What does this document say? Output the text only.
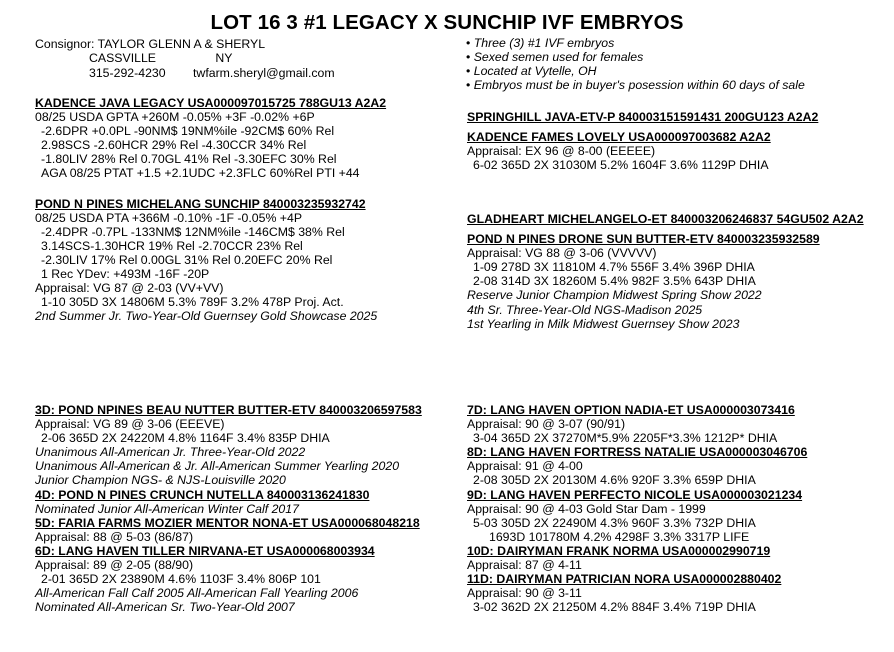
LOT 16 3 #1 LEGACY X SUNCHIP IVF EMBRYOS
Consignor: TAYLOR GLENN A & SHERYL
CASSVILLE	NY
315-292-4230 twfarm.sheryl@gmail.com
• Three (3) #1 IVF embryos
• Sexed semen used for females
• Located at Vytelle, OH
• Embryos must be in buyer's posession within 60 days of sale
KADENCE JAVA LEGACY USA000097015725 788GU13 A2A2
08/25 USDA GPTA +260M -0.05% +3F -0.02% +6P
-2.6DPR +0.0PL -90NM$ 19NM%ile -92CM$ 60% Rel
2.98SCS -2.60HCR 29% Rel -4.30CCR 34% Rel
-1.80LIV 28% Rel 0.70GL 41% Rel -3.30EFC 30% Rel
AGA 08/25 PTAT +1.5 +2.1UDC +2.3FLC 60%Rel PTI +44
POND N PINES MICHELANG SUNCHIP 840003235932742
08/25 USDA PTA +366M -0.10% -1F -0.05% +4P
-2.4DPR -0.7PL -133NM$ 12NM%ile -146CM$ 38% Rel
3.14SCS-1.30HCR 19% Rel -2.70CCR 23% Rel
-2.30LIV 17% Rel 0.00GL 31% Rel 0.20EFC 20% Rel
1 Rec YDev: +493M -16F -20P
Appraisal: VG 87 @ 2-03 (VV+VV)
1-10 305D 3X 14806M 5.3% 789F 3.2% 478P Proj. Act.
2nd Summer Jr. Two-Year-Old Guernsey Gold Showcase 2025
SPRINGHILL JAVA-ETV-P 840003151591431 200GU123 A2A2
KADENCE FAMES LOVELY USA000097003682 A2A2
Appraisal: EX 96 @ 8-00 (EEEEE)
6-02 365D 2X 31030M 5.2% 1604F 3.6% 1129P DHIA
GLADHEART MICHELANGELO-ET 840003206246837 54GU502 A2A2
POND N PINES DRONE SUN BUTTER-ETV 840003235932589
Appraisal: VG 88 @ 3-06 (VVVVV)
1-09 278D 3X 11810M 4.7% 556F 3.4% 396P DHIA
2-08 314D 3X 18260M 5.4% 982F 3.5% 643P DHIA
Reserve Junior Champion Midwest Spring Show 2022
4th Sr. Three-Year-Old NGS-Madison 2025
1st Yearling in Milk Midwest Guernsey Show 2023
3D: POND NPINES BEAU NUTTER BUTTER-ETV 840003206597583
Appraisal: VG 89 @ 3-06 (EEEVE)
2-06 365D 2X 24220M 4.8% 1164F 3.4% 835P DHIA
Unanimous All-American Jr. Three-Year-Old 2022
Unanimous All-American & Jr. All-American Summer Yearling 2020
Junior Champion NGS- & NJS-Louisville 2020
4D: POND N PINES CRUNCH NUTELLA 840003136241830
Nominated Junior All-American Winter Calf 2017
5D: FARIA FARMS MOZIER MENTOR NONA-ET USA000068048218
Appraisal: 88 @ 5-03 (86/87)
6D: LANG HAVEN TILLER NIRVANA-ET USA000068003934
Appraisal: 89 @ 2-05 (88/90)
2-01 365D 2X 23890M 4.6% 1103F 3.4% 806P 101
All-American Fall Calf 2005 All-American Fall Yearling 2006
Nominated All-American Sr. Two-Year-Old 2007
7D: LANG HAVEN OPTION NADIA-ET USA000003073416
Appraisal: 90 @ 3-07 (90/91)
3-04 365D 2X 37270M*5.9% 2205F*3.3% 1212P* DHIA
8D: LANG HAVEN FORTRESS NATALIE USA000003046706
Appraisal: 91 @ 4-00
2-08 305D 2X 20130M 4.6% 920F 3.3% 659P DHIA
9D: LANG HAVEN PERFECTO NICOLE USA000003021234
Appraisal: 90 @ 4-03 Gold Star Dam - 1999
5-03 305D 2X 22490M 4.3% 960F 3.3% 732P DHIA
1693D 101780M 4.2% 4298F 3.3% 3317P LIFE
10D: DAIRYMAN FRANK NORMA USA000002990719
Appraisal: 87 @ 4-11
11D: DAIRYMAN PATRICIAN NORA USA000002880402
Appraisal: 90 @ 3-11
3-02 362D 2X 21250M 4.2% 884F 3.4% 719P DHIA
